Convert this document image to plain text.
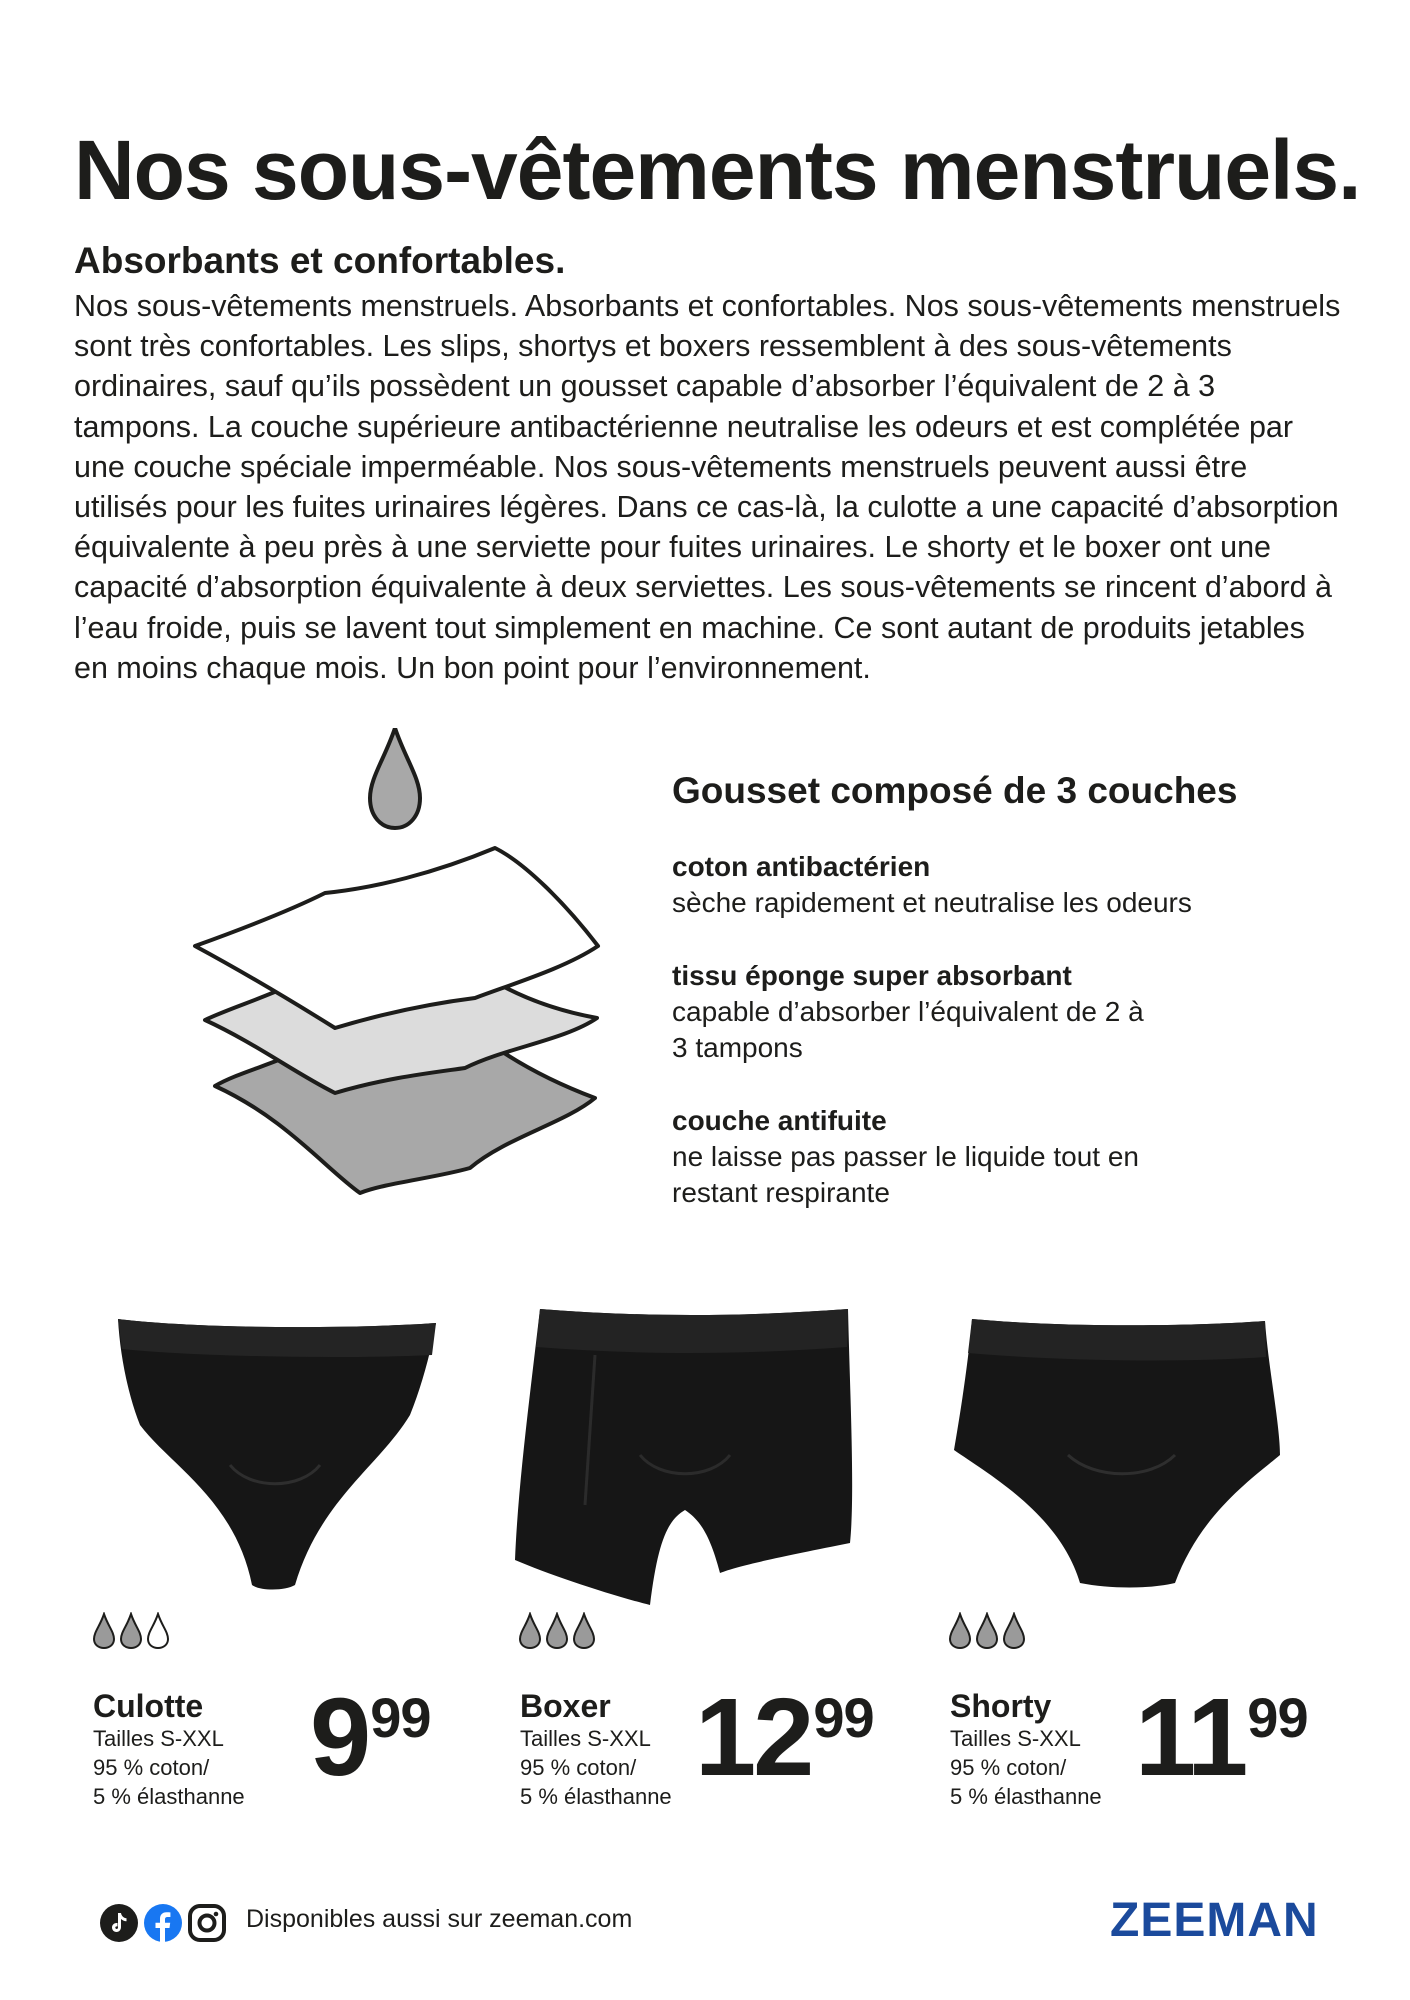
Nos sous-vêtements menstruels.
Absorbants et confortables.

Nos sous-vêtements menstruels. Absorbants et confortables. Nos sous-vêtements menstruels sont très confortables. Les slips, shortys et boxers ressemblent à des sous-vêtements ordinaires, sauf qu’ils possèdent un gousset capable d’absorber l’équivalent de 2 à 3 tampons. La couche supérieure antibactérienne neutralise les odeurs et est complétée par une couche spéciale imperméable. Nos sous-vêtements menstruels peuvent aussi être utilisés pour les fuites urinaires légères. Dans ce cas-là, la culotte a une capacité d’absorption équivalente à peu près à une serviette pour fuites urinaires. Le shorty et le boxer ont une capacité d’absorption équivalente à deux serviettes. Les sous-vêtements se rincent d’abord à l’eau froide, puis se lavent tout simplement en machine. Ce sont autant de produits jetables en moins chaque mois. Un bon point pour l’environnement.

Gousset composé de 3 couches
coton antibactérien
sèche rapidement et neutralise les odeurs
tissu éponge super absorbant
capable d’absorber l’équivalent de 2 à 3 tampons
couche antifuite
ne laisse pas passer le liquide tout en restant respirante
Culotte
Tailles S-XXL
95 % coton/
5 % élasthanne 9 99	Boxer
Tailles S-XXL
95 % coton/
5 % élasthanne 12 99 Shorty
Tailles S-XXL
95 % coton/
5 % élasthanne 11 99
Disponibles aussi sur zeeman.com	ZEEMAN
